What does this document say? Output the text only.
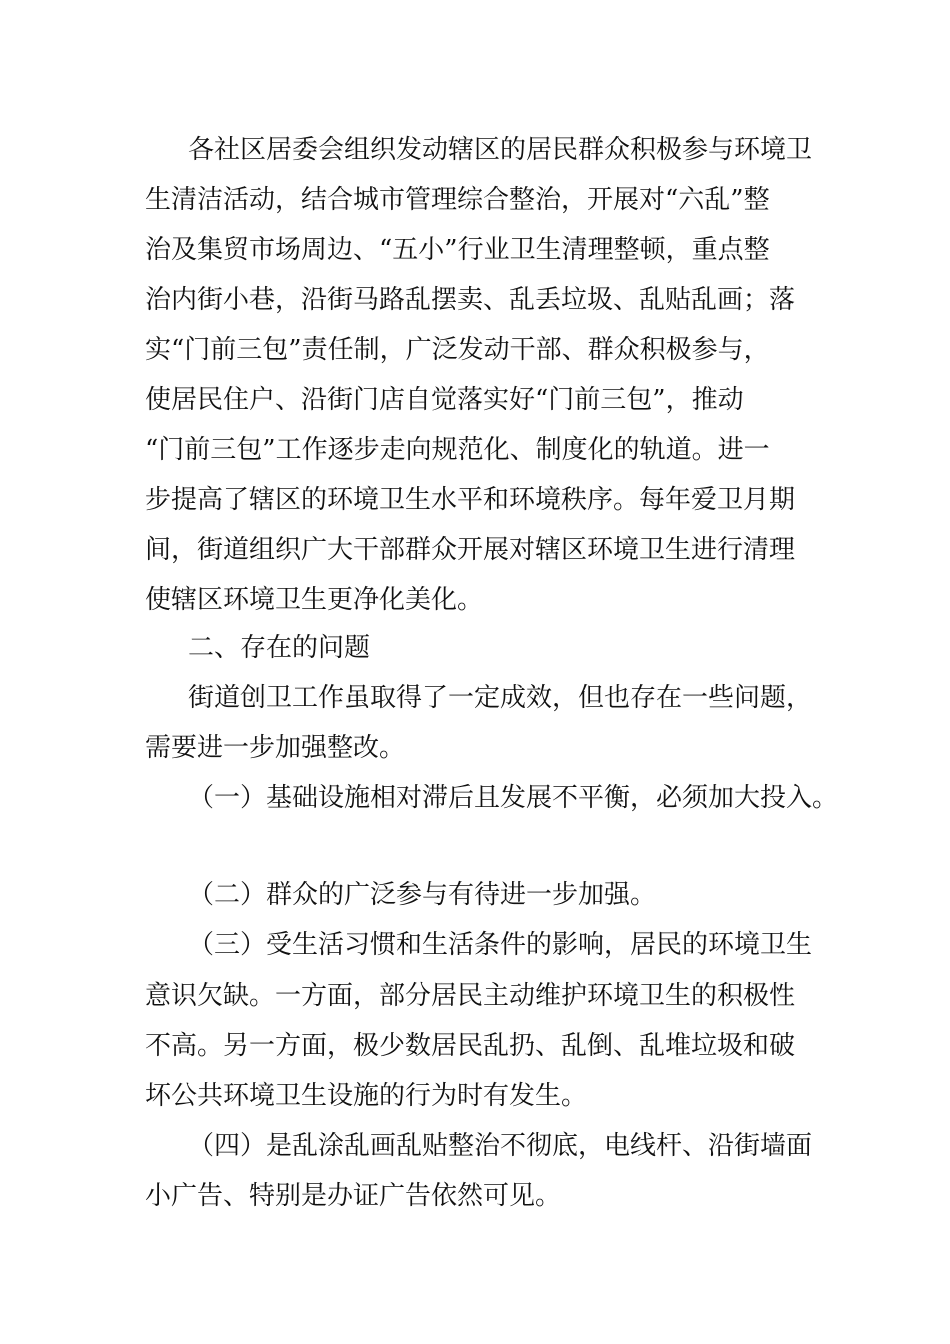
各社区居委会组织发动辖区的居民群众积极参与环境卫

生清洁活动，结合城市管理综合整治，开展对“六乱”整

治及集贸市场周边、“五小”行业卫生清理整顿，重点整

治内街小巷，沿街马路乱摆卖、乱丢垃圾、乱贴乱画；落

实“门前三包”责任制，广泛发动干部、群众积极参与，

使居民住户、沿街门店自觉落实好“门前三包”，推动

“门前三包”工作逐步走向规范化、制度化的轨道。进一

步提高了辖区的环境卫生水平和环境秩序。每年爱卫月期

间，街道组织广大干部群众开展对辖区环境卫生进行清理

使辖区环境卫生更净化美化。

二、存在的问题

街道创卫工作虽取得了一定成效，但也存在一些问题，

需要进一步加强整改。

（一）基础设施相对滞后且发展不平衡，必须加大投入。

（二）群众的广泛参与有待进一步加强。

（三）受生活习惯和生活条件的影响，居民的环境卫生

意识欠缺。一方面，部分居民主动维护环境卫生的积极性

不高。另一方面，极少数居民乱扔、乱倒、乱堆垃圾和破

坏公共环境卫生设施的行为时有发生。

（四）是乱涂乱画乱贴整治不彻底，电线杆、沿街墙面

小广告、特别是办证广告依然可见。
